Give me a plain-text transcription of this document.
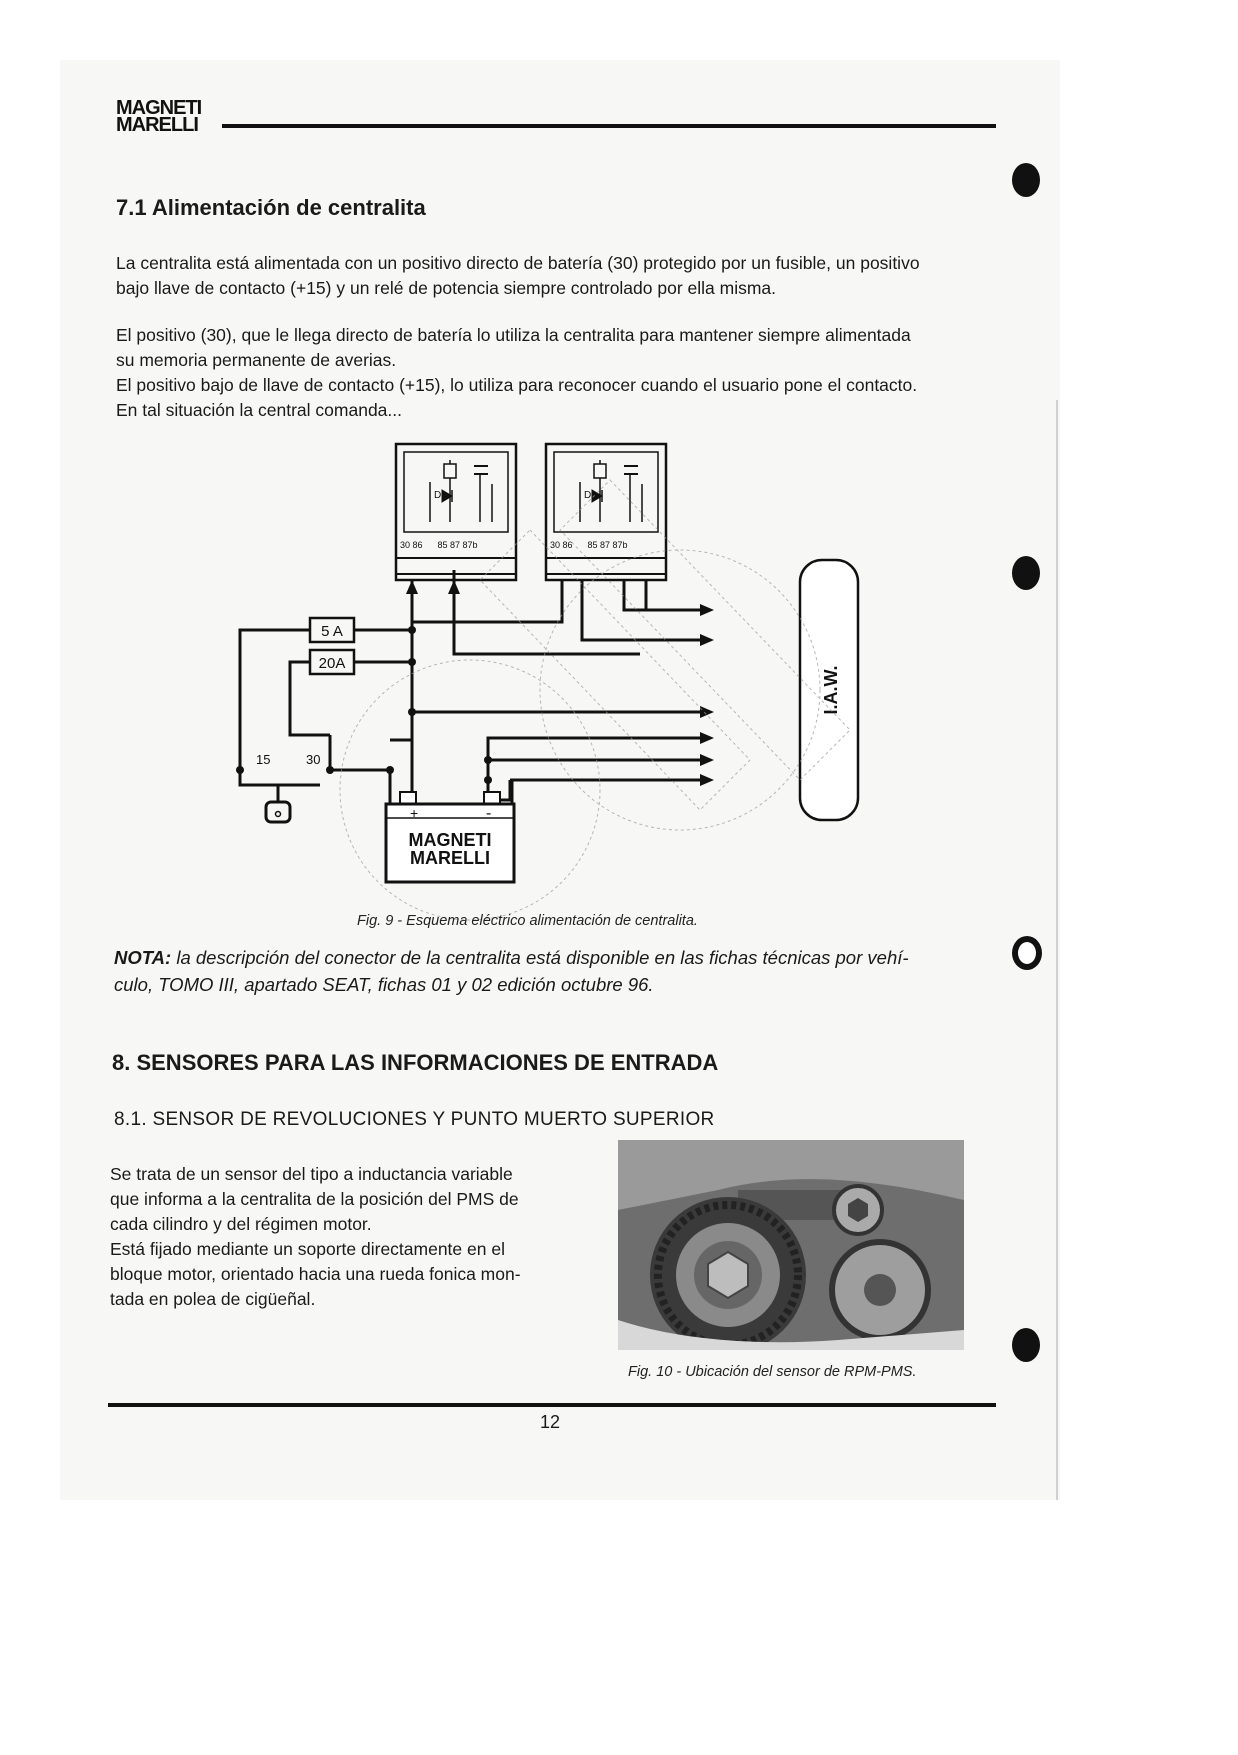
MAGNETI
MARELLI
7.1 Alimentación de centralita

La centralita está alimentada con un positivo directo de batería (30) protegido por un fusible, un positivo

bajo llave de contacto (+15) y un relé de potencia siempre controlado por ella misma.

El positivo (30), que le llega directo de batería lo utiliza la centralita para mantener siempre alimentada

su memoria permanente de averias.

El positivo bajo de llave de contacto (+15), lo utiliza para reconocer cuando el usuario pone el contacto.

En tal situación la central comanda...

+	-
MAGNETI
MARELLI
I.A.W.
D1
30 86      85 87 87b
D1
30 86      85 87 87b
5 A
20A
15	30

Fig. 9 - Esquema eléctrico alimentación de centralita.

NOTA: la descripción del conector de la centralita está disponible en las fichas técnicas por vehí-

culo, TOMO III, apartado SEAT, fichas 01 y 02 edición octubre 96.

8. SENSORES PARA LAS INFORMACIONES DE ENTRADA
8.1. SENSOR DE REVOLUCIONES Y PUNTO MUERTO SUPERIOR

Se trata de un sensor del tipo a inductancia variable

que informa a la centralita de la posición del PMS de

cada cilindro y del régimen motor.

Está fijado mediante un soporte directamente en el

bloque motor, orientado hacia una rueda fonica mon-

tada en polea de cigüeñal.

Fig. 10 - Ubicación del sensor de RPM-PMS.

12
